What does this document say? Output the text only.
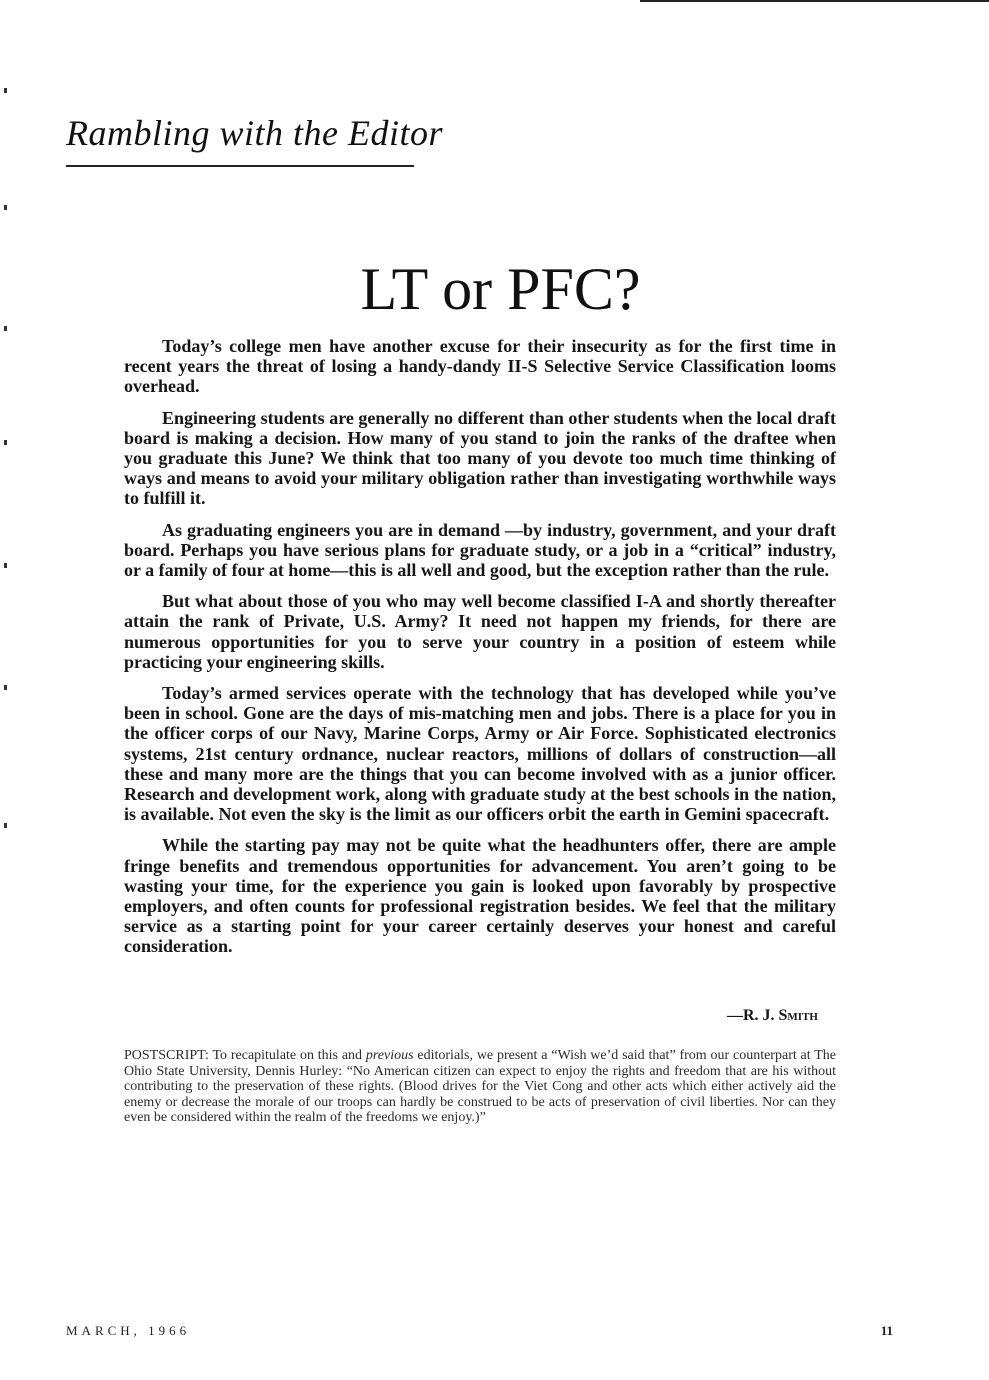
Rambling with the Editor
LT or PFC?

Today’s college men have another excuse for their insecurity as for the first time in recent years the threat of losing a handy-dandy II-S Selective Service Classification looms overhead.

Engineering students are generally no different than other students when the local draft board is making a decision. How many of you stand to join the ranks of the draftee when you graduate this June? We think that too many of you devote too much time thinking of ways and means to avoid your military obligation rather than investigating worthwhile ways to fulfill it.

As graduating engineers you are in demand —by industry, government, and your draft board. Perhaps you have serious plans for graduate study, or a job in a “critical” industry, or a family of four at home—this is all well and good, but the exception rather than the rule.

But what about those of you who may well become classified I-A and shortly thereafter attain the rank of Private, U.S. Army? It need not happen my friends, for there are numerous opportunities for you to serve your country in a position of esteem while practicing your engineering skills.

Today’s armed services operate with the technology that has developed while you’ve been in school. Gone are the days of mis-matching men and jobs. There is a place for you in the officer corps of our Navy, Marine Corps, Army or Air Force. Sophisticated electronics systems, 21st century ordnance, nuclear reactors, millions of dollars of construction—all these and many more are the things that you can become involved with as a junior officer. Research and development work, along with graduate study at the best schools in the nation, is available. Not even the sky is the limit as our officers orbit the earth in Gemini spacecraft.

While the starting pay may not be quite what the headhunters offer, there are ample fringe benefits and tremendous opportunities for advancement. You aren’t going to be wasting your time, for the experience you gain is looked upon favorably by prospective employers, and often counts for professional registration besides. We feel that the military service as a starting point for your career certainly deserves your honest and careful consideration.

—R. J. Smith

POSTSCRIPT: To recapitulate on this and previous editorials, we present a “Wish we’d said that” from our counterpart at The Ohio State University, Dennis Hurley: “No American citizen can expect to enjoy the rights and freedom that are his without contributing to the preservation of these rights. (Blood drives for the Viet Cong and other acts which either actively aid the enemy or decrease the morale of our troops can hardly be construed to be acts of preservation of civil liberties. Nor can they even be considered within the realm of the freedoms we enjoy.)”

MARCH, 1966	11
